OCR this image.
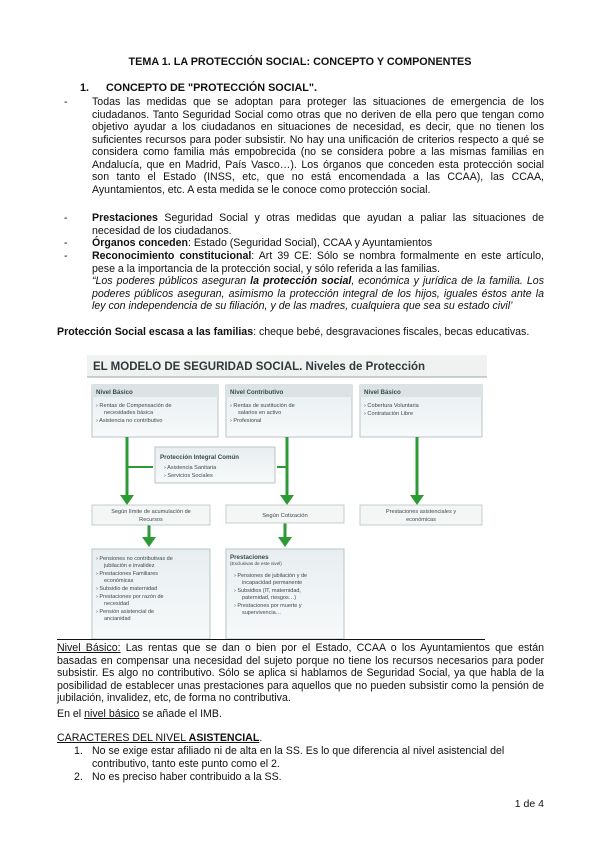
TEMA 1. LA PROTECCIÓN SOCIAL: CONCEPTO Y COMPONENTES
1. CONCEPTO DE "PROTECCIÓN SOCIAL".
- Todas las medidas que se adoptan para proteger las situaciones de emergencia de los ciudadanos. Tanto Seguridad Social como otras que no deriven de ella pero que tengan como objetivo ayudar a los ciudadanos en situaciones de necesidad, es decir, que no tienen los suficientes recursos para poder subsistir. No hay una unificación de criterios respecto a qué se considera como familia más empobrecida (no se considera pobre a las mismas familias en Andalucía, que en Madrid, País Vasco…). Los órganos que conceden esta protección social son tanto el Estado (INSS, etc, que no está encomendada a las CCAA), las CCAA, Ayuntamientos, etc. A esta medida se le conoce como protección social.
- Prestaciones Seguridad Social y otras medidas que ayudan a paliar las situaciones de necesidad de los ciudadanos.
- Órganos conceden: Estado (Seguridad Social), CCAA y Ayuntamientos
- Reconocimiento constitucional: Art 39 CE: Sólo se nombra formalmente en este artículo, pese a la importancia de la protección social, y sólo referida a las familias.
“Los poderes públicos aseguran la protección social, económica y jurídica de la familia. Los poderes públicos aseguran, asimismo la protección integral de los hijos, iguales éstos ante la ley con independencia de su filiación, y de las madres, cualquiera que sea su estado civil’
Protección Social escasa a las familias: cheque bebé, desgravaciones fiscales, becas educativas.
EL MODELO DE SEGURIDAD SOCIAL. Niveles de Protección
Nivel Básico
› Rentas de Compensación de
necesidades básica
› Asistencia no contributivo
Nivel Contributivo
› Rentas de sustitución de
salarios en activo
› Profesional
Nivel Básico
› Cobertura Voluntaria
› Contratación Libre
Protección Integral Común
› Asistencia Sanitaria
› Servicios Sociales
Según límite de acumulación de
Recursos
Según Cotización
Prestaciones asistenciales y
económicas
› Pensiones no contributivas de
jubilación e invalidez
› Prestaciones Familiares
económicas
› Subsidio de maternidad
› Prestaciones por razón de
necesidad
› Pensión asistencial de
ancianidad
Prestaciones
(Exclusivas de este nivel)
› Pensiones de jubilación y de
incapacidad permanente
› Subsidios (IT, maternidad,
paternidad, riesgos…)
› Prestaciones por muerte y
supervivencia…
Nivel Básico: Las rentas que se dan o bien por el Estado, CCAA o los Ayuntamientos que están basadas en compensar una necesidad del sujeto porque no tiene los recursos necesarios para poder subsistir. Es algo no contributivo. Sólo se aplica si hablamos de Seguridad Social, ya que habla de la posibilidad de establecer unas prestaciones para aquellos que no pueden subsistir como la pensión de jubilación, invalidez, etc, de forma no contributiva.
En el nivel básico se añade el IMB.
CARACTERES DEL NIVEL ASISTENCIAL.
1. No se exige estar afiliado ni de alta en la SS. Es lo que diferencia al nivel asistencial del contributivo, tanto este punto como el 2.
2. No es preciso haber contribuido a la SS.
1 de 4
